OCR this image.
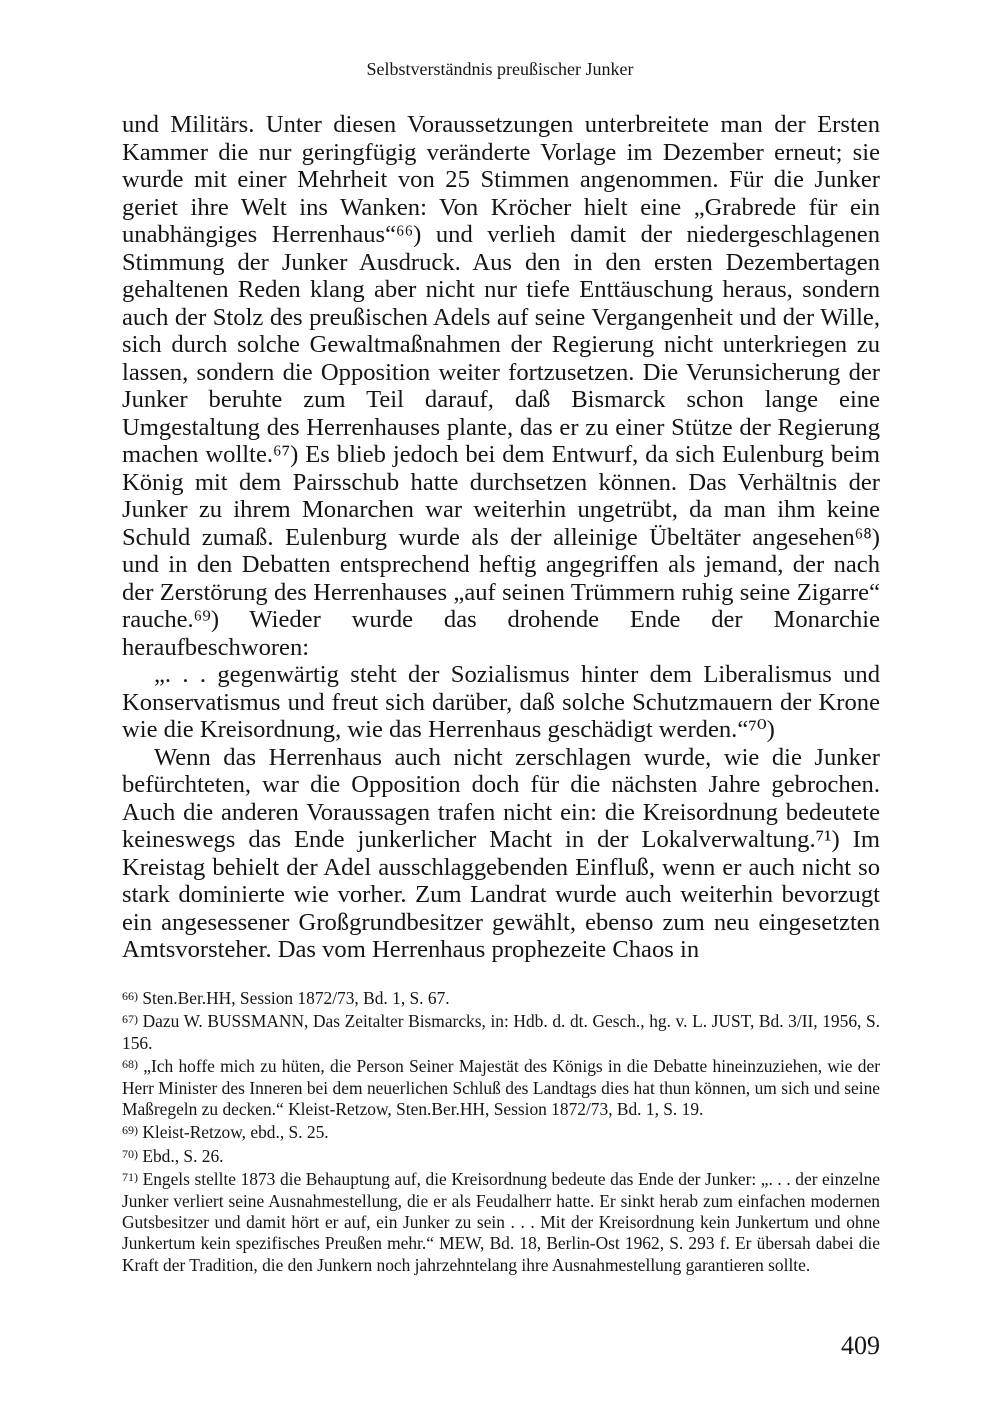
Selbstverständnis preußischer Junker

und Militärs. Unter diesen Voraussetzungen unterbreitete man der Ersten Kammer die nur geringfügig veränderte Vorlage im Dezember erneut; sie wurde mit einer Mehrheit von 25 Stimmen angenommen. Für die Junker geriet ihre Welt ins Wanken: Von Kröcher hielt eine „Grabrede für ein unabhängiges Herrenhaus“⁶⁶) und verlieh damit der niedergeschlagenen Stimmung der Junker Ausdruck. Aus den in den ersten Dezembertagen gehaltenen Reden klang aber nicht nur tiefe Enttäuschung heraus, sondern auch der Stolz des preußischen Adels auf seine Vergangenheit und der Wille, sich durch solche Gewaltmaßnahmen der Regierung nicht unterkriegen zu lassen, sondern die Opposition weiter fortzusetzen. Die Verunsicherung der Junker beruhte zum Teil darauf, daß Bismarck schon lange eine Umgestaltung des Herrenhauses plante, das er zu einer Stütze der Regierung machen wollte.⁶⁷) Es blieb jedoch bei dem Entwurf, da sich Eulenburg beim König mit dem Pairsschub hatte durchsetzen können. Das Verhältnis der Junker zu ihrem Monarchen war weiterhin ungetrübt, da man ihm keine Schuld zumaß. Eulenburg wurde als der alleinige Übeltäter angesehen⁶⁸) und in den Debatten entsprechend heftig angegriffen als jemand, der nach der Zerstörung des Herrenhauses „auf seinen Trümmern ruhig seine Zigarre“ rauche.⁶⁹) Wieder wurde das drohende Ende der Monarchie heraufbeschworen:

„. . . gegenwärtig steht der Sozialismus hinter dem Liberalismus und Konservatismus und freut sich darüber, daß solche Schutzmauern der Krone wie die Kreisordnung, wie das Herrenhaus geschädigt werden.“⁷⁰)

Wenn das Herrenhaus auch nicht zerschlagen wurde, wie die Junker befürchteten, war die Opposition doch für die nächsten Jahre gebrochen. Auch die anderen Voraussagen trafen nicht ein: die Kreisordnung bedeutete keineswegs das Ende junkerlicher Macht in der Lokalverwaltung.⁷¹) Im Kreistag behielt der Adel ausschlaggebenden Einfluß, wenn er auch nicht so stark dominierte wie vorher. Zum Landrat wurde auch weiterhin bevorzugt ein angesessener Großgrundbesitzer gewählt, ebenso zum neu eingesetzten Amtsvorsteher. Das vom Herrenhaus prophezeite Chaos in

$^{66)}$ Sten.Ber.HH, Session 1872/73, Bd. 1, S. 67.

$^{67)}$ Dazu W. BUSSMANN, Das Zeitalter Bismarcks, in: Hdb. d. dt. Gesch., hg. v. L. JUST, Bd. 3/II, 1956, S. 156.

$^{68)}$ „Ich hoffe mich zu hüten, die Person Seiner Majestät des Königs in die Debatte hineinzuziehen, wie der Herr Minister des Inneren bei dem neuerlichen Schluß des Landtags dies hat thun können, um sich und seine Maßregeln zu decken.“ Kleist-Retzow, Sten.Ber.HH, Session 1872/73, Bd. 1, S. 19.

$^{69)}$ Kleist-Retzow, ebd., S. 25.

$^{70)}$ Ebd., S. 26.

$^{71)}$ Engels stellte 1873 die Behauptung auf, die Kreisordnung bedeute das Ende der Junker: „. . . der einzelne Junker verliert seine Ausnahmestellung, die er als Feudalherr hatte. Er sinkt herab zum einfachen modernen Gutsbesitzer und damit hört er auf, ein Junker zu sein . . . Mit der Kreisordnung kein Junkertum und ohne Junkertum kein spezifisches Preußen mehr.“ MEW, Bd. 18, Berlin-Ost 1962, S. 293 f. Er übersah dabei die Kraft der Tradition, die den Junkern noch jahrzehntelang ihre Ausnahmestellung garantieren sollte.

409
